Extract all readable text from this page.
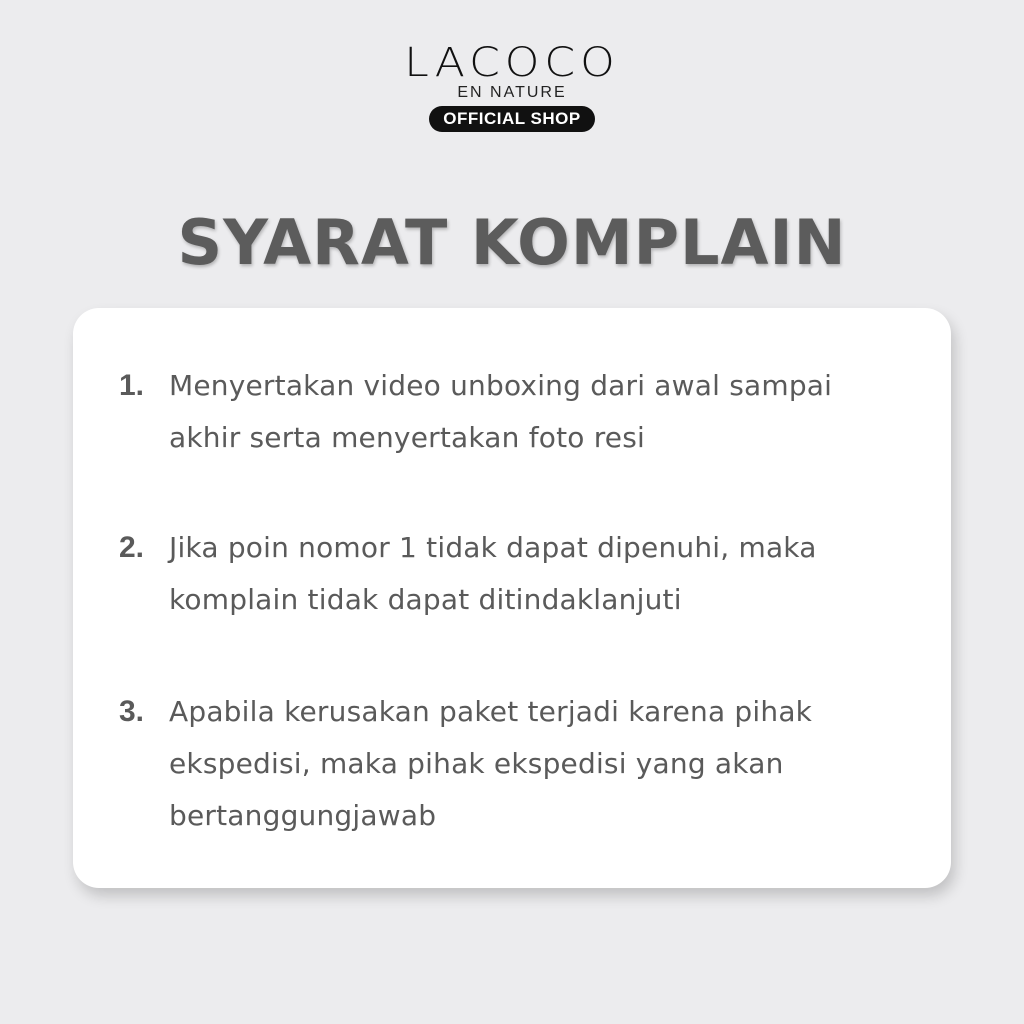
LACOCO
EN NATURE
OFFICIAL SHOP
SYARAT KOMPLAIN
1. Menyertakan video unboxing dari awal sampai akhir serta menyertakan foto resi
2. Jika poin nomor 1 tidak dapat dipenuhi, maka komplain tidak dapat ditindaklanjuti
3. Apabila kerusakan paket terjadi karena pihak ekspedisi, maka pihak ekspedisi yang akan bertanggungjawab
